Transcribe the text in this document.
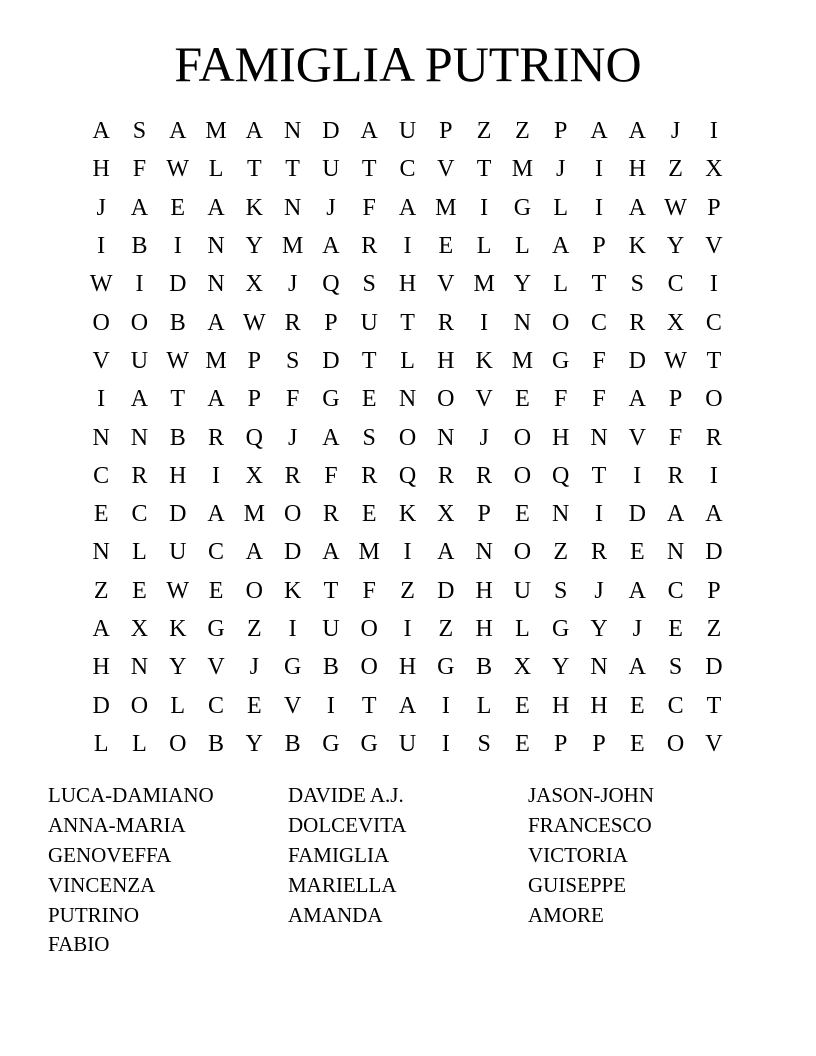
FAMIGLIA PUTRINO
A S A M A N D A U P	Z Z	P A A	J	I
H F W L T T U T C V T M J	I	H Z X
J	A E A K N	J	F A M I	G L	I	A W P
I	B	I	N Y M A R	I	E L L A P K Y V
W I	D N X	J	Q S H V M Y L T	S C	I
O O B A W R P U T R	I	N O C R X C
V U W M P	S D T L H K M G F D W T
I	A T A P	F G E N O V E	F	F A P O
N N B R Q	J	A S O N	J	O H N V F R
C R H	I	X R F R Q R R O Q T	I	R	I
E C D A M O R E K X P	E N	I	D A A
N L U C A D A M I	A N O Z R E N D
Z E W E O K T	F	Z D H U S	J	A C P
A X K G Z	I	U O	I	Z H L G Y	J	E Z
H N Y V	J	G B O H G B X Y N A S D
D O L C E V	I	T A	I	L E H H E C T
L L O B Y B G G U	I	S	E	P	P	E O V
LUCA-DAMIANO	DAVIDE A.J.	JASON-JOHN
ANNA-MARIA	DOLCEVITA	FRANCESCO
GENOVEFFA	FAMIGLIA	VICTORIA
VINCENZA	MARIELLA	GUISEPPE
PUTRINO	AMANDA	AMORE
FABIO
